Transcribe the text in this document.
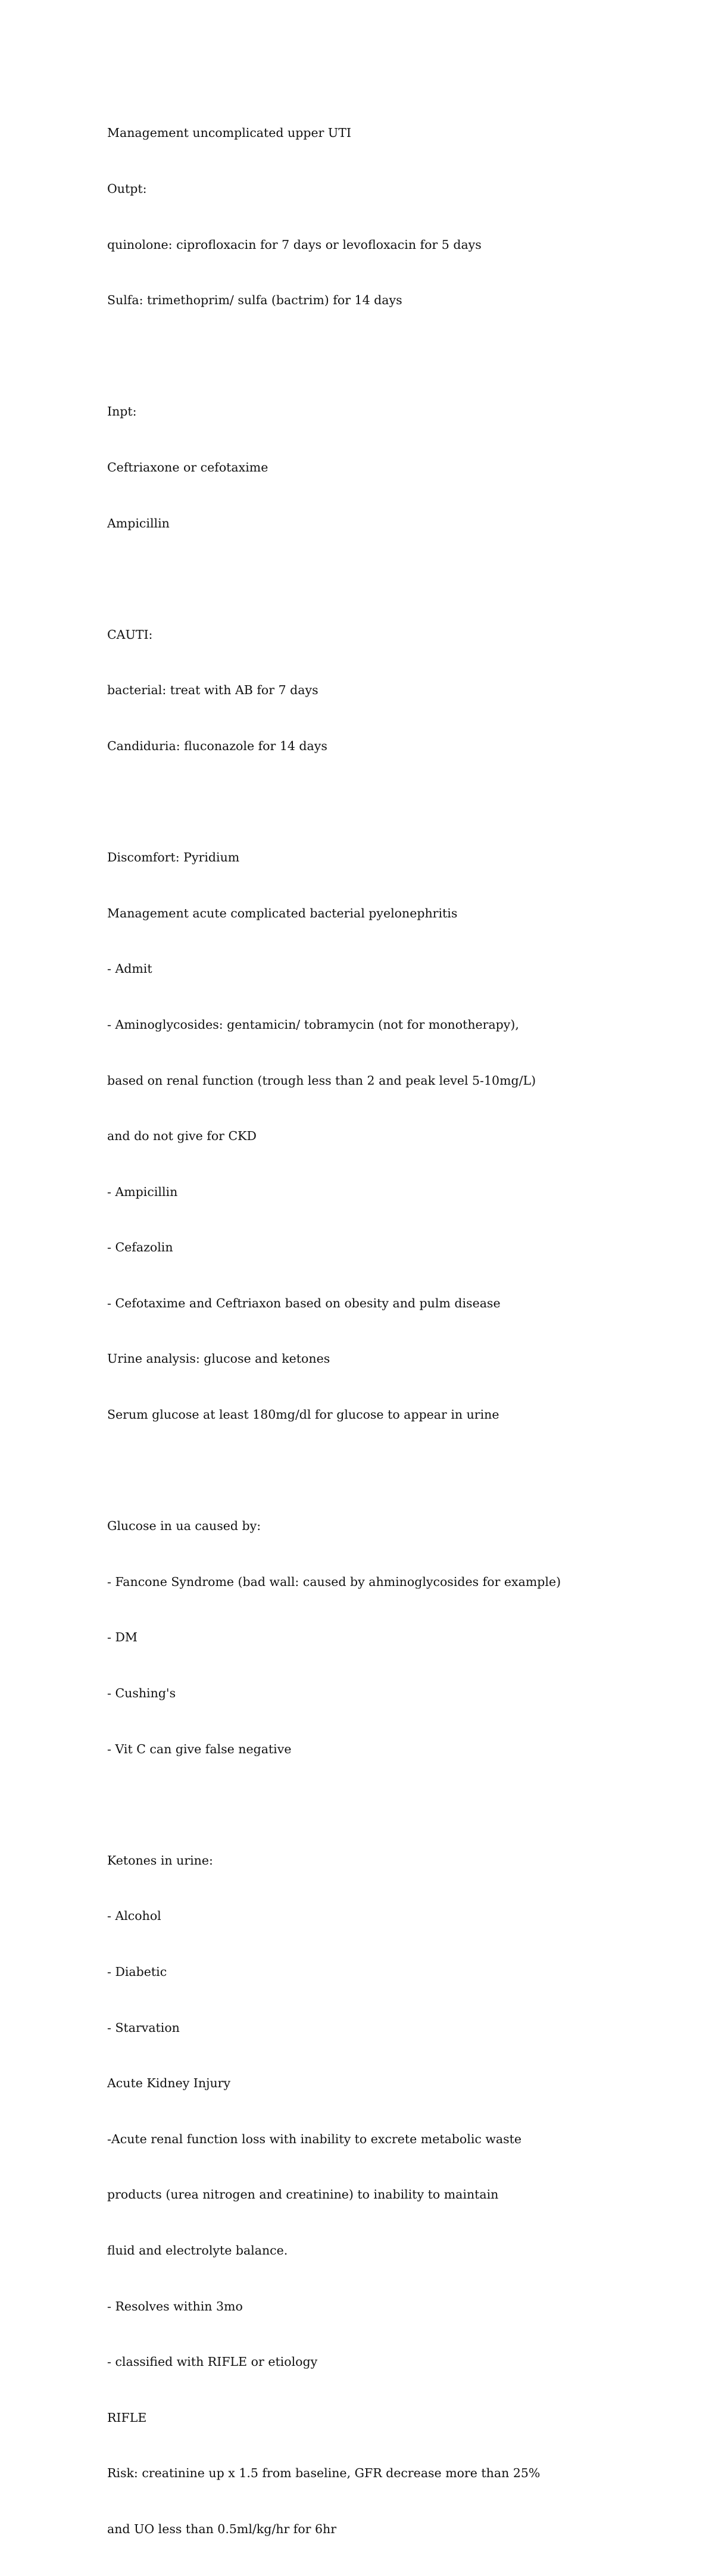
Management uncomplicated upper UTI

Outpt:

quinolone: ciprofloxacin for 7 days or levofloxacin for 5 days

Sulfa: trimethoprim/ sulfa (bactrim) for 14 days

Inpt:

Ceftriaxone or cefotaxime

Ampicillin

CAUTI:

bacterial: treat with AB for 7 days

Candiduria: fluconazole for 14 days

Discomfort: Pyridium

Management acute complicated bacterial pyelonephritis

- Admit

- Aminoglycosides: gentamicin/ tobramycin (not for monotherapy),

based on renal function (trough less than 2 and peak level 5-10mg/L)

and do not give for CKD

- Ampicillin

- Cefazolin

- Cefotaxime and Ceftriaxon based on obesity and pulm disease

Urine analysis: glucose and ketones

Serum glucose at least 180mg/dl for glucose to appear in urine

Glucose in ua caused by:

- Fancone Syndrome (bad wall: caused by ahminoglycosides for example)

- DM

- Cushing's

- Vit C can give false negative

Ketones in urine:

- Alcohol

- Diabetic

- Starvation

Acute Kidney Injury

-Acute renal function loss with inability to excrete metabolic waste

products (urea nitrogen and creatinine) to inability to maintain

fluid and electrolyte balance.

- Resolves within 3mo

- classified with RIFLE or etiology

RIFLE

Risk: creatinine up x 1.5 from baseline, GFR decrease more than 25%

and UO less than 0.5ml/kg/hr for 6hr
